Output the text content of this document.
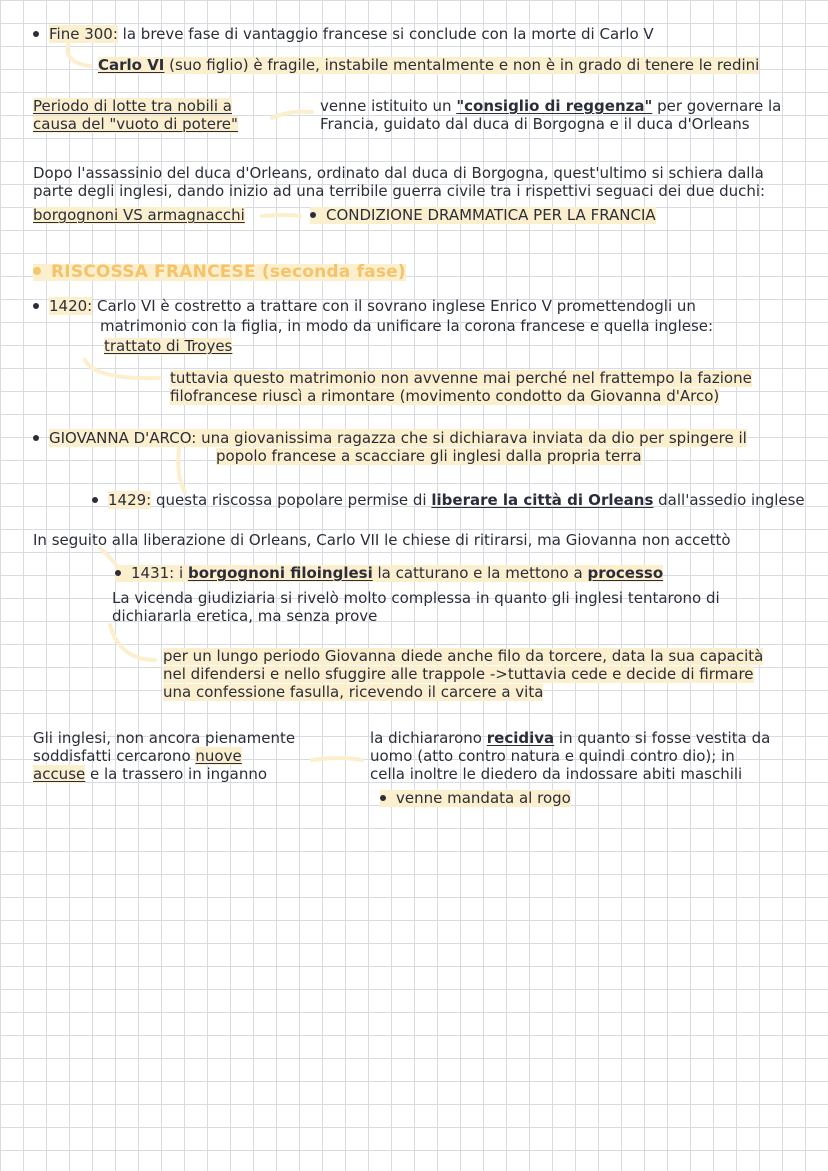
Fine 300: la breve fase di vantaggio francese si conclude con la morte di Carlo V
Carlo VI (suo figlio) è fragile, instabile mentalmente e non è in grado di tenere le redini
Periodo di lotte tra nobili a
causa del "vuoto di potere"
venne istituito un "consiglio di reggenza" per governare la
Francia, guidato dal duca di Borgogna e il duca d'Orleans
Dopo l'assassinio del duca d'Orleans, ordinato dal duca di Borgogna, quest'ultimo si schiera dalla
parte degli inglesi, dando inizio ad una terribile guerra civile tra i rispettivi seguaci dei due duchi:
borgognoni VS armagnacchi	CONDIZIONE DRAMMATICA PER LA FRANCIA
RISCOSSA FRANCESE (seconda fase)
1420: Carlo VI è costretto a trattare con il sovrano inglese Enrico V promettendogli un
matrimonio con la figlia, in modo da unificare la corona francese e quella inglese:
trattato di Troyes
tuttavia questo matrimonio non avvenne mai perché nel frattempo la fazione
filofrancese riuscì a rimontare (movimento condotto da Giovanna d'Arco)
GIOVANNA D'ARCO: una giovanissima ragazza che si dichiarava inviata da dio per spingere il
popolo francese a scacciare gli inglesi dalla propria terra
1429: questa riscossa popolare permise di liberare la città di Orleans dall'assedio inglese
In seguito alla liberazione di Orleans, Carlo VII le chiese di ritirarsi, ma Giovanna non accettò
1431: i borgognoni filoinglesi la catturano e la mettono a processo
La vicenda giudiziaria si rivelò molto complessa in quanto gli inglesi tentarono di
dichiararla eretica, ma senza prove
per un lungo periodo Giovanna diede anche filo da torcere, data la sua capacità
nel difendersi e nello sfuggire alle trappole ->tuttavia cede e decide di firmare
una confessione fasulla, ricevendo il carcere a vita
Gli inglesi, non ancora pienamente
soddisfatti cercarono nuove
accuse e la trassero in inganno
la dichiararono recidiva in quanto si fosse vestita da
uomo (atto contro natura e quindi contro dio); in
cella inoltre le diedero da indossare abiti maschili
venne mandata al rogo
